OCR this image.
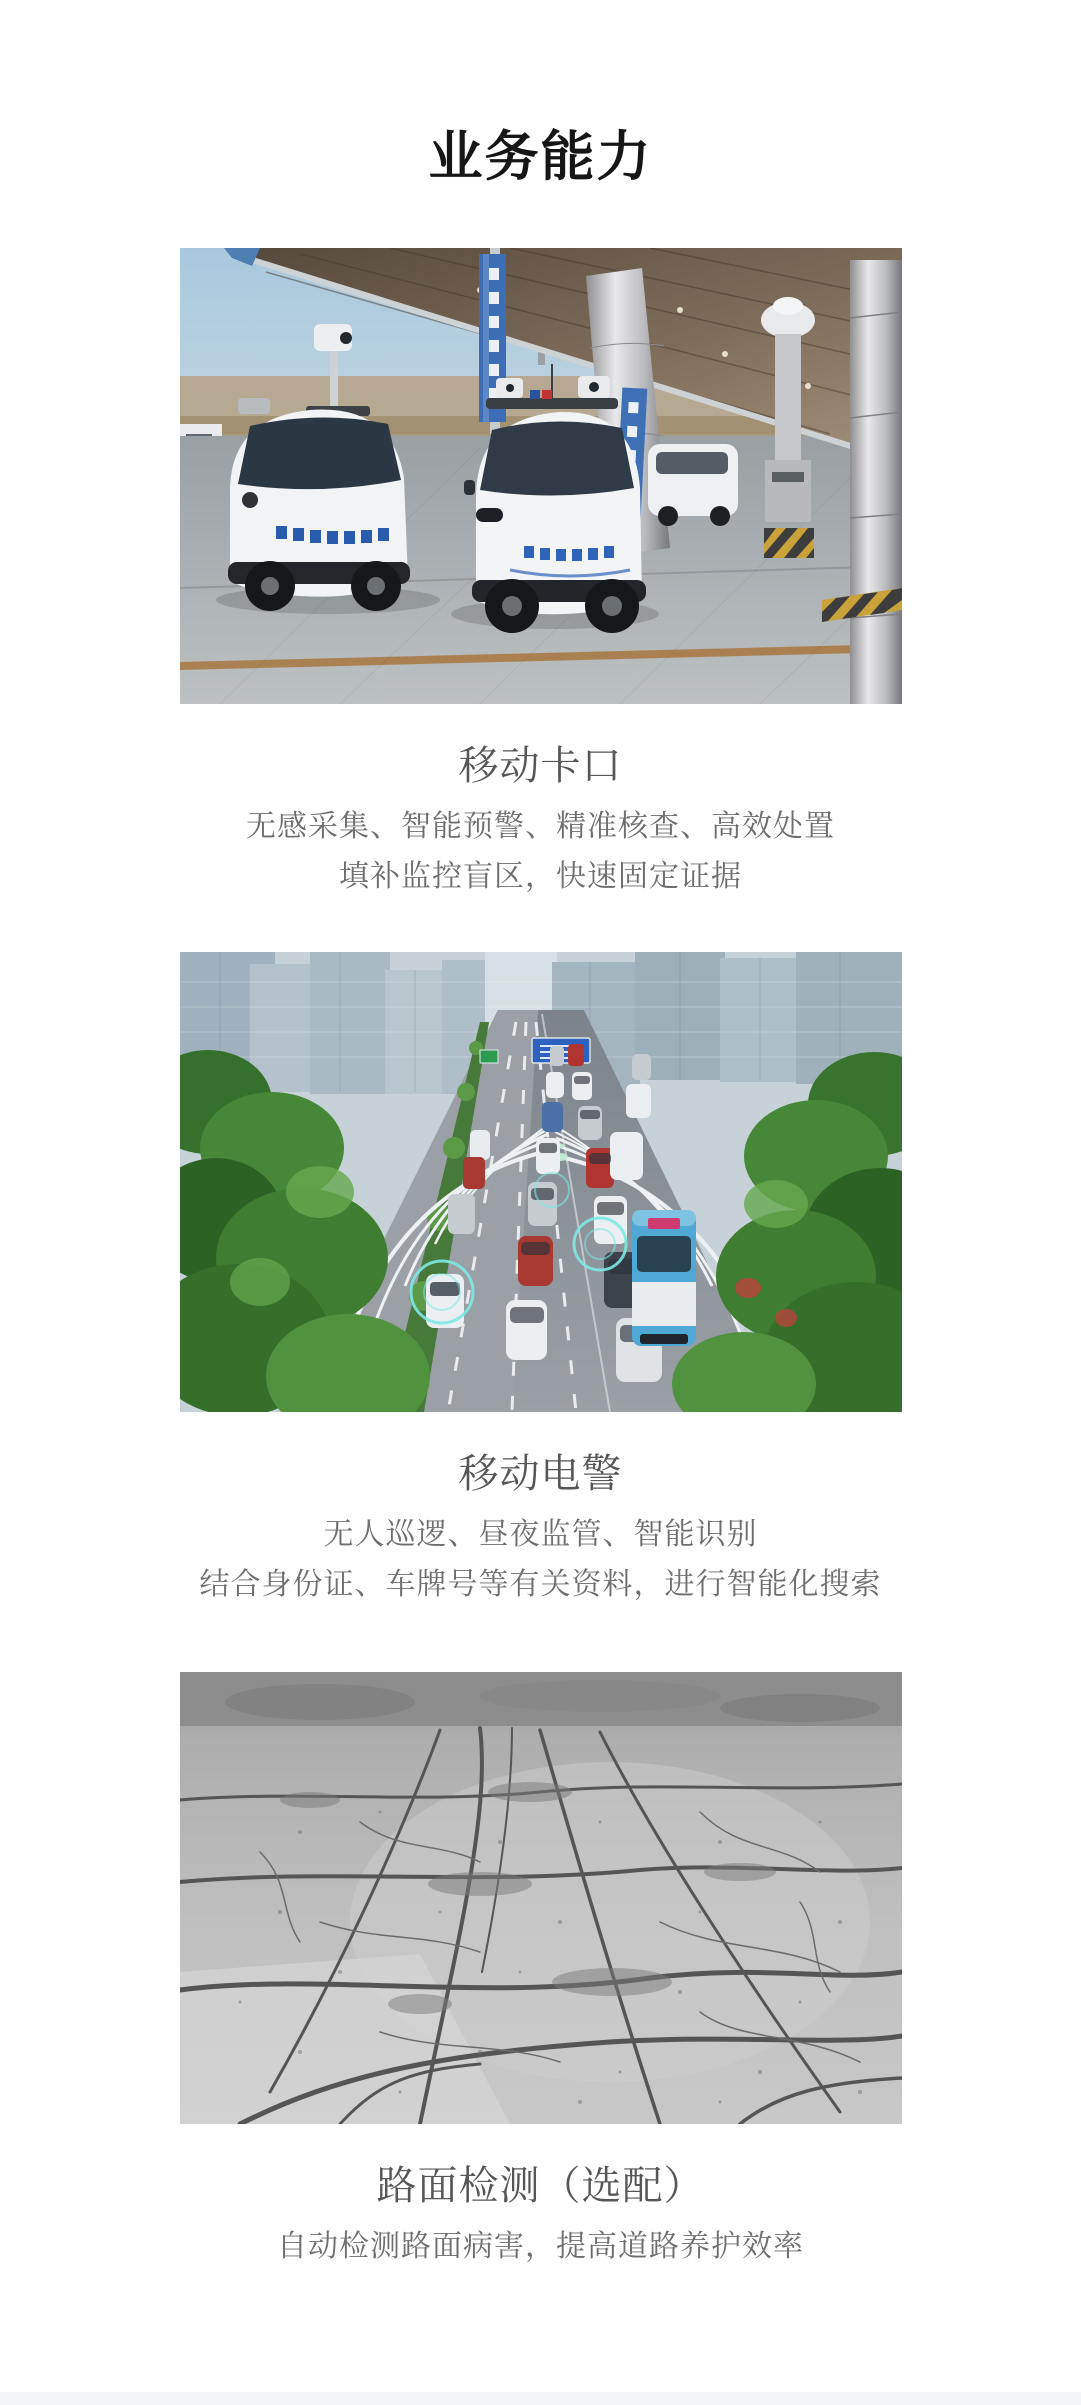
业务能力
移动卡口

无感采集、智能预警、精准核查、高效处置

填补监控盲区，快速固定证据

移动电警

无人巡逻、昼夜监管、智能识别

结合身份证、车牌号等有关资料，进行智能化搜索

路面检测（选配）

自动检测路面病害，提高道路养护效率
